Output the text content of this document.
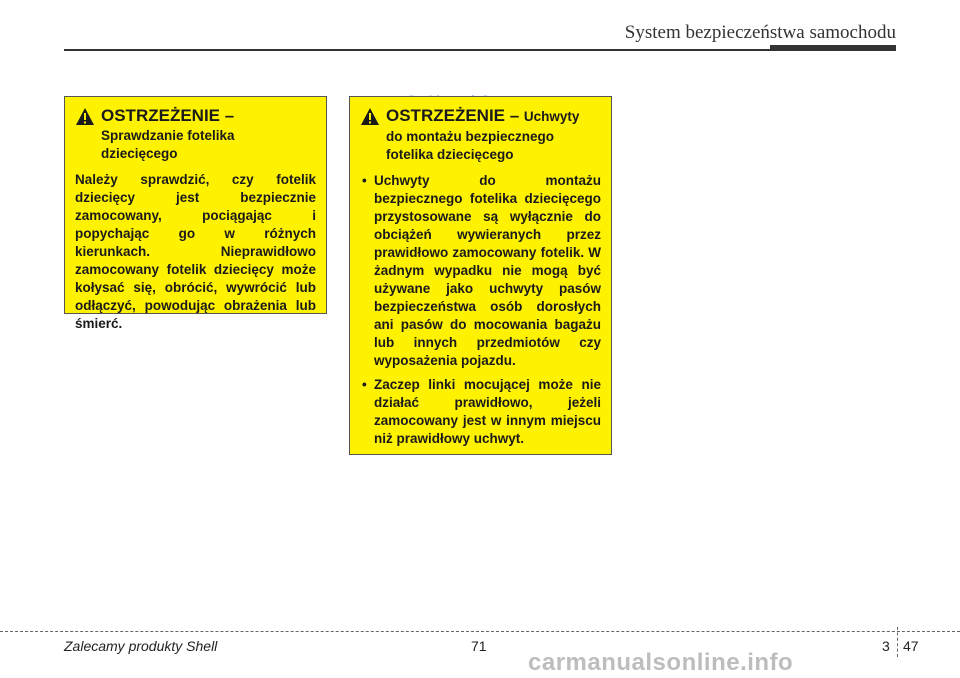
System bezpieczeństwa samochodu
OSTRZEŻENIE –
Sprawdzanie fotelika
dziecięcego
Należy sprawdzić, czy fotelik dziecięcy jest bezpiecznie zamocowany, pociągając i popychając go w różnych kierunkach. Nieprawidłowo zamocowany fotelik dziecięcy może kołysać się, obrócić, wywrócić lub odłączyć, powodując obrażenia lub śmierć.
OSTRZEŻENIE – Uchwyty
do montażu bezpiecznego
fotelika dziecięcego
• Uchwyty do montażu bezpiecznego fotelika dziecięcego przystosowane są wyłącznie do obciążeń wywieranych przez prawidłowo zamocowany fotelik. W żadnym wypadku nie mogą być używane jako uchwyty pasów bezpieczeństwa osób dorosłych ani pasów do mocowania bagażu lub innych przedmiotów czy wyposażenia pojazdu.
• Zaczep linki mocującej może nie działać prawidłowo, jeżeli zamocowany jest w innym miejscu niż prawidłowy uchwyt.
Zalecamy produkty Shell	71	3 47
carmanualsonline.info
